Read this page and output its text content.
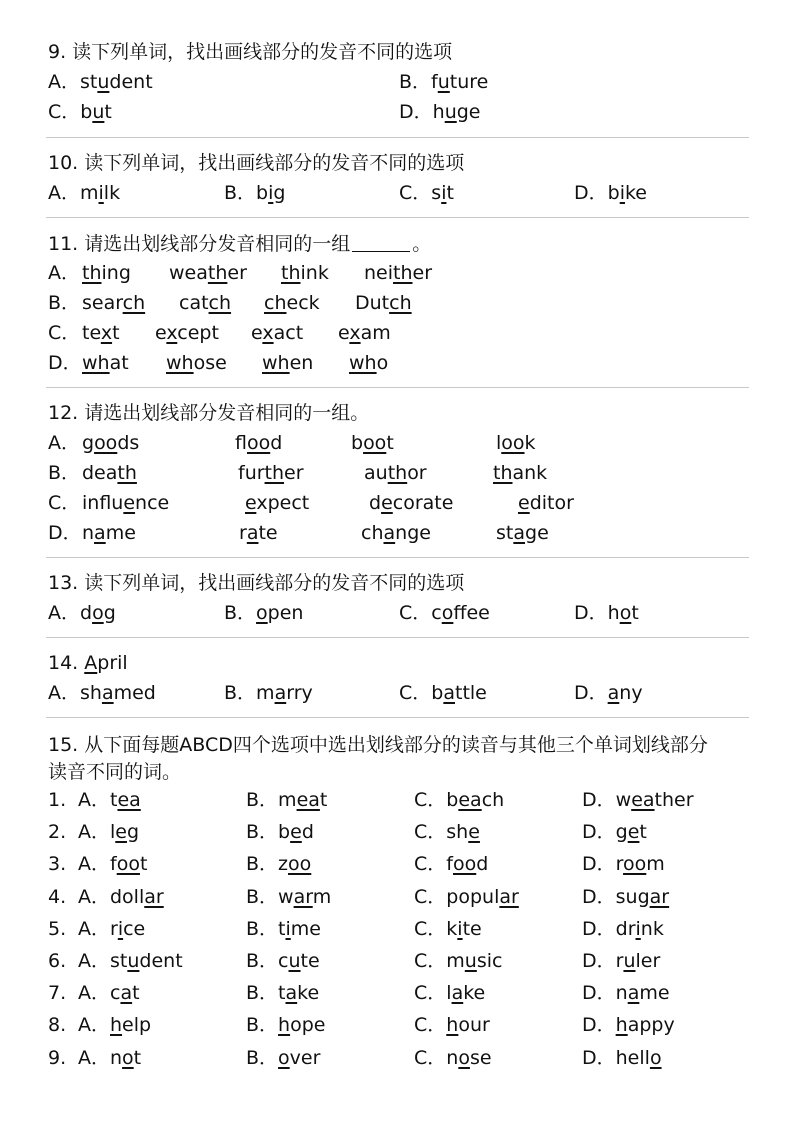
9. 读下列单词，找出画线部分的发音不同的选项
A．student	B．future
C．but	D．huge
10. 读下列单词，找出画线部分的发音不同的选项
A．milk	B．big	C．sit	D．bike
11. 请选出划线部分发音相同的一组	。
A． thing weather think neither
B． search catch check Dutch
C． text except exact exam
D． what whose when who
12. 请选出划线部分发音相同的一组。
A． goods	flood	boot	look
B． death	further	author	thank
C． influence	expect	decorate	editor
D． name	rate	change	stage
13. 读下列单词，找出画线部分的发音不同的选项
A．dog	B．open	C．coffee	D．hot
14. April
A．shamed	B．marry	C．battle	D．any
15. 从下面每题ABCD四个选项中选出划线部分的读音与其他三个单词划线部分
读音不同的词。
1. A．tea	B．meat	C．beach	D．weather
2. A．leg	B．bed	C．she	D．get
3. A．foot	B．zoo	C．food	D．room
4. A．dollar	B．warm	C．popular	D．sugar
5. A．rice	B．time	C．kite	D．drink
6. A．student	B．cute	C．music	D．ruler
7. A．cat	B．take	C．lake	D．name
8. A．help	B．hope	C．hour	D．happy
9. A．not	B．over	C．nose	D．hello
